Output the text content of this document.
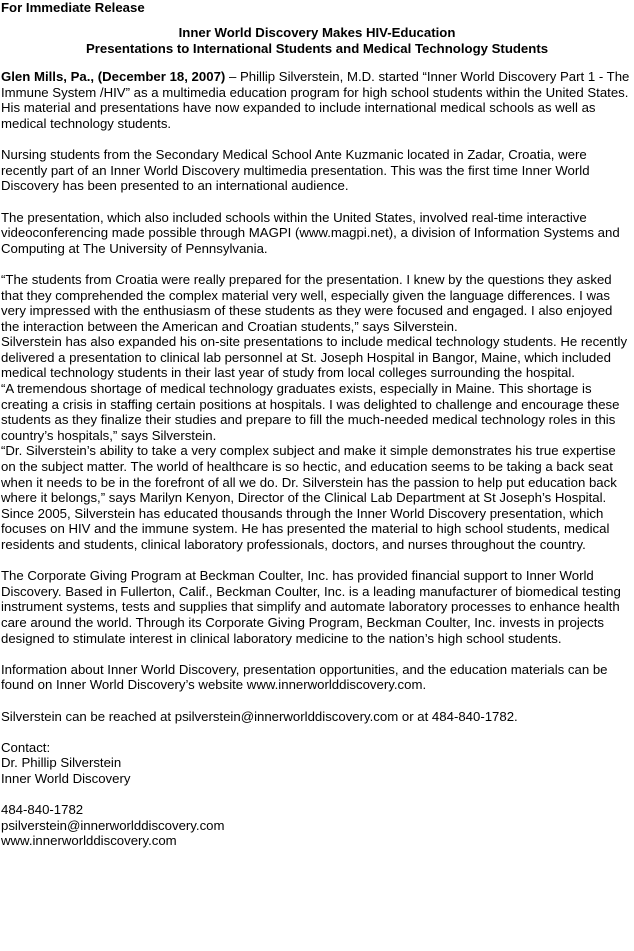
For Immediate Release
Inner World Discovery Makes HIV-Education
Presentations to International Students and Medical Technology Students

Glen Mills, Pa., (December 18, 2007) – Phillip Silverstein, M.D. started “Inner World Discovery Part 1 - The Immune System /HIV” as a multimedia education program for high school students within the United States. His material and presentations have now expanded to include international medical schools as well as medical technology students.

Nursing students from the Secondary Medical School Ante Kuzmanic located in Zadar, Croatia, were recently part of an Inner World Discovery multimedia presentation. This was the first time Inner World Discovery has been presented to an international audience.

The presentation, which also included schools within the United States, involved real-time interactive videoconferencing made possible through MAGPI (www.magpi.net), a division of Information Systems and Computing at The University of Pennsylvania.

“The students from Croatia were really prepared for the presentation. I knew by the questions they asked that they comprehended the complex material very well, especially given the language differences. I was very impressed with the enthusiasm of these students as they were focused and engaged. I also enjoyed the interaction between the American and Croatian students,” says Silverstein.

Silverstein has also expanded his on-site presentations to include medical technology students. He recently delivered a presentation to clinical lab personnel at St. Joseph Hospital in Bangor, Maine, which included medical technology students in their last year of study from local colleges surrounding the hospital.

“A tremendous shortage of medical technology graduates exists, especially in Maine. This shortage is creating a crisis in staffing certain positions at hospitals. I was delighted to challenge and encourage these students as they finalize their studies and prepare to fill the much-needed medical technology roles in this country’s hospitals,” says Silverstein.

“Dr. Silverstein’s ability to take a very complex subject and make it simple demonstrates his true expertise on the subject matter. The world of healthcare is so hectic, and education seems to be taking a back seat when it needs to be in the forefront of all we do. Dr. Silverstein has the passion to help put education back where it belongs,” says Marilyn Kenyon, Director of the Clinical Lab Department at St Joseph’s Hospital.

Since 2005, Silverstein has educated thousands through the Inner World Discovery presentation, which focuses on HIV and the immune system. He has presented the material to high school students, medical residents and students, clinical laboratory professionals, doctors, and nurses throughout the country.

The Corporate Giving Program at Beckman Coulter, Inc. has provided financial support to Inner World Discovery. Based in Fullerton, Calif., Beckman Coulter, Inc. is a leading manufacturer of biomedical testing instrument systems, tests and supplies that simplify and automate laboratory processes to enhance health care around the world. Through its Corporate Giving Program, Beckman Coulter, Inc. invests in projects designed to stimulate interest in clinical laboratory medicine to the nation’s high school students.

Information about Inner World Discovery, presentation opportunities, and the education materials can be found on Inner World Discovery’s website www.innerworlddiscovery.com.

Silverstein can be reached at psilverstein@innerworlddiscovery.com or at 484-840-1782.

Contact:

Dr. Phillip Silverstein

Inner World Discovery

484-840-1782

psilverstein@innerworlddiscovery.com

www.innerworlddiscovery.com
